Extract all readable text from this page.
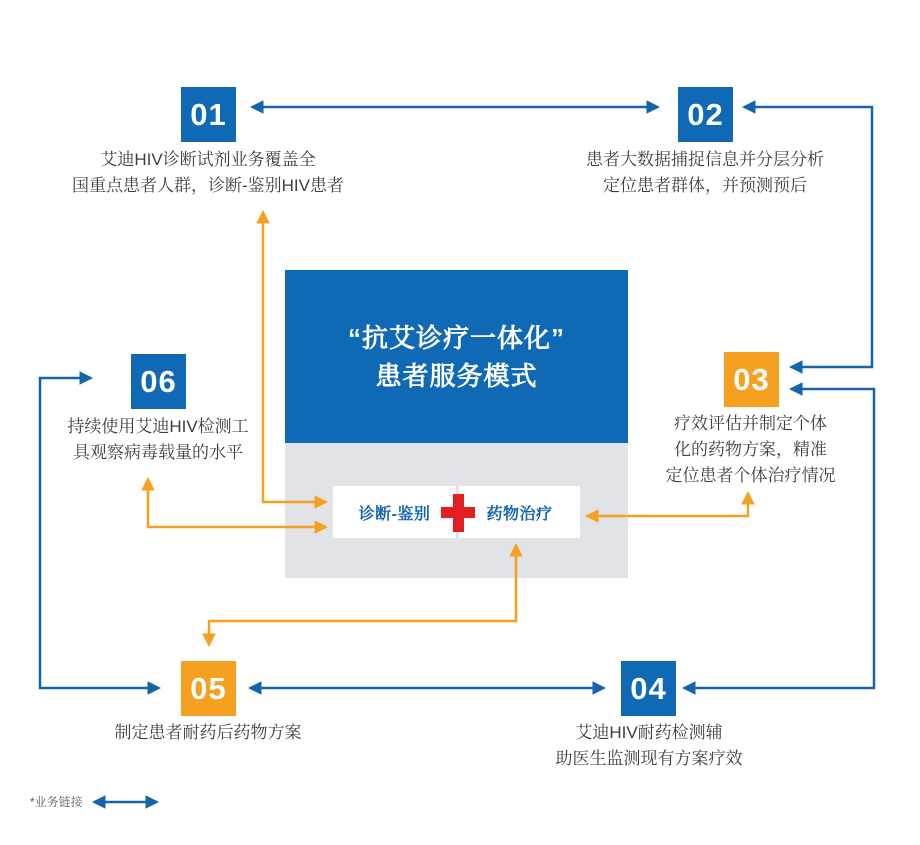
01
艾迪HIV诊断试剂业务覆盖全
国重点患者人群，诊断-鉴别HIV患者
02
患者大数据捕捉信息并分层分析
定位患者群体，并预测预后
03
疗效评估并制定个体
化的药物方案，精准
定位患者个体治疗情况
04
艾迪HIV耐药检测辅
助医生监测现有方案疗效
05
制定患者耐药后药物方案
06
持续使用艾迪HIV检测工
具观察病毒载量的水平
“抗艾诊疗一体化”
患者服务模式
诊断-鉴别	药物治疗
*业务链接
